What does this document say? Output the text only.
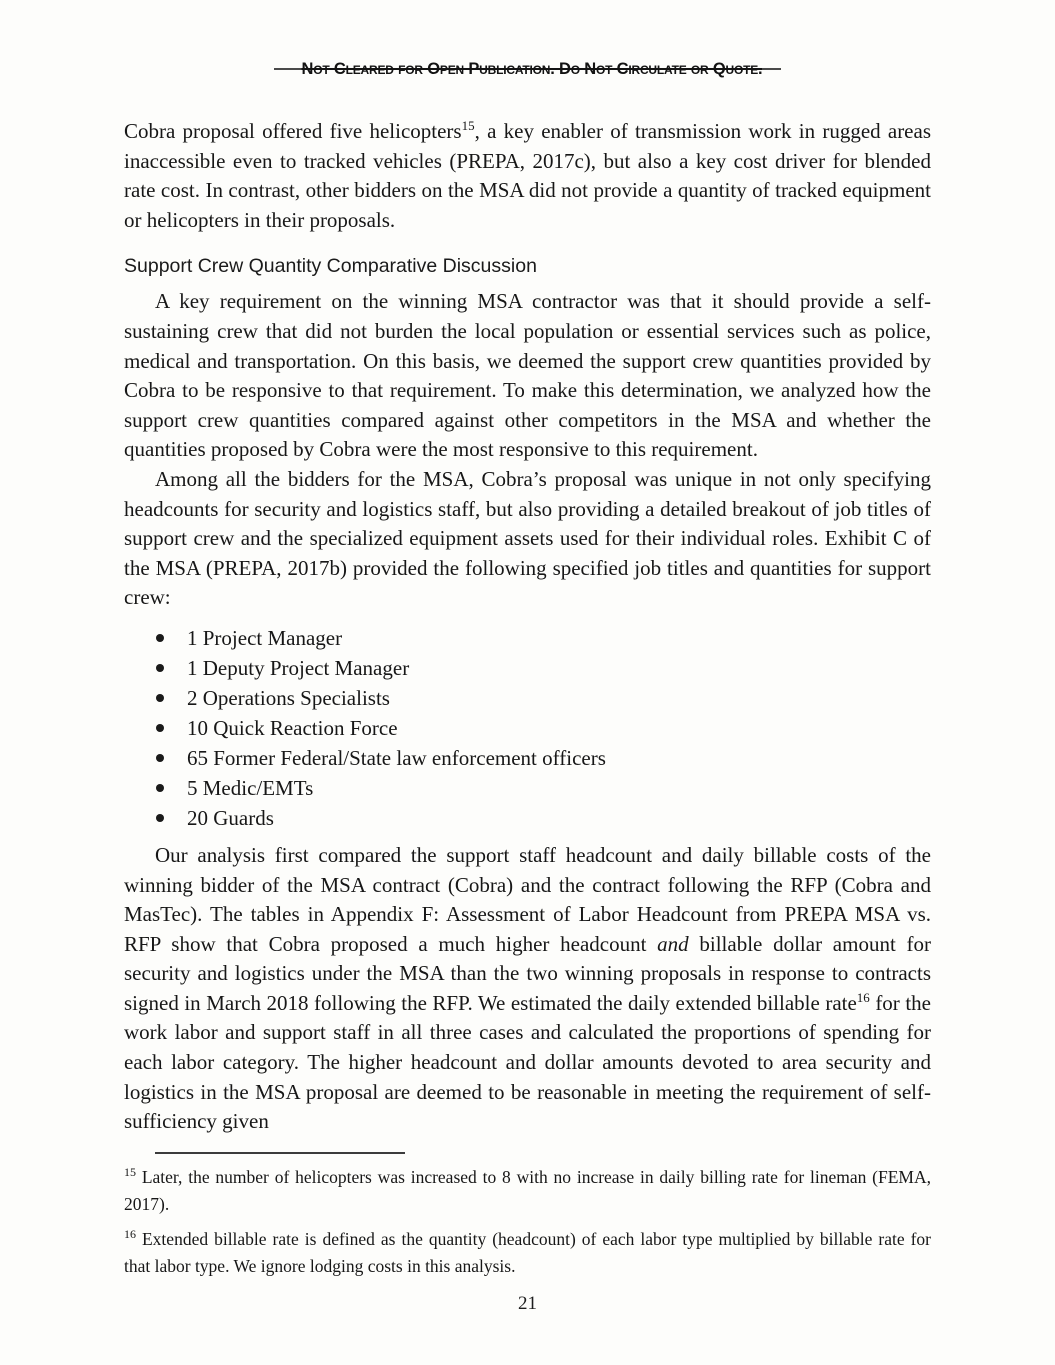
Not Cleared for Open Publication. Do Not Circulate or Quote.

Cobra proposal offered five helicopters$^{15}$, a key enabler of transmission work in rugged areas inaccessible even to tracked vehicles (PREPA, 2017c), but also a key cost driver for blended rate cost. In contrast, other bidders on the MSA did not provide a quantity of tracked equipment or helicopters in their proposals.

Support Crew Quantity Comparative Discussion

A key requirement on the winning MSA contractor was that it should provide a self-sustaining crew that did not burden the local population or essential services such as police, medical and transportation. On this basis, we deemed the support crew quantities provided by Cobra to be responsive to that requirement. To make this determination, we analyzed how the support crew quantities compared against other competitors in the MSA and whether the quantities proposed by Cobra were the most responsive to this requirement.

Among all the bidders for the MSA, Cobra’s proposal was unique in not only specifying headcounts for security and logistics staff, but also providing a detailed breakout of job titles of support crew and the specialized equipment assets used for their individual roles. Exhibit C of the MSA (PREPA, 2017b) provided the following specified job titles and quantities for support crew:

1 Project Manager
1 Deputy Project Manager
2 Operations Specialists
10 Quick Reaction Force
65 Former Federal/State law enforcement officers
5 Medic/EMTs
20 Guards

Our analysis first compared the support staff headcount and daily billable costs of the winning bidder of the MSA contract (Cobra) and the contract following the RFP (Cobra and MasTec). The tables in Appendix F: Assessment of Labor Headcount from PREPA MSA vs. RFP show that Cobra proposed a much higher headcount and billable dollar amount for security and logistics under the MSA than the two winning proposals in response to contracts signed in March 2018 following the RFP. We estimated the daily extended billable rate$^{16}$ for the work labor and support staff in all three cases and calculated the proportions of spending for each labor category. The higher headcount and dollar amounts devoted to area security and logistics in the MSA proposal are deemed to be reasonable in meeting the requirement of self-sufficiency given

$^{15}$ Later, the number of helicopters was increased to 8 with no increase in daily billing rate for lineman (FEMA, 2017).

$^{16}$ Extended billable rate is defined as the quantity (headcount) of each labor type multiplied by billable rate for that labor type. We ignore lodging costs in this analysis.

21
